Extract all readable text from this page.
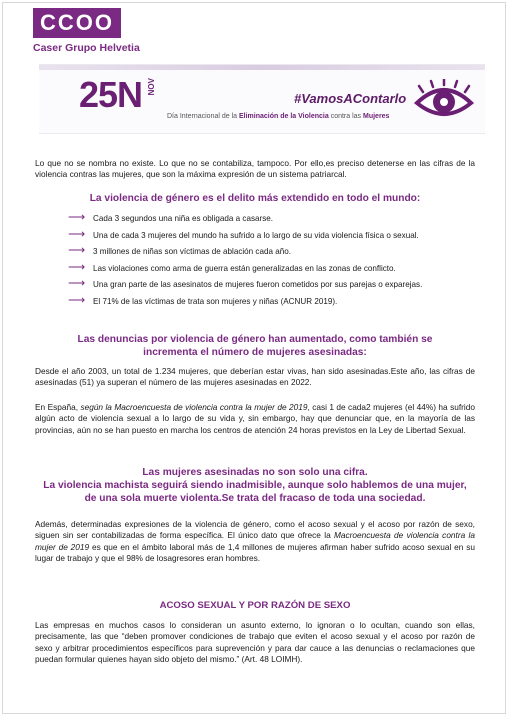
CCOO
Caser Grupo Helvetia
25N NOV
#VamosAContarlo
Día Internacional de la Eliminación de la Violencia contra las Mujeres

Lo que no se nombra no existe. Lo que no se contabiliza, tampoco. Por ello,es preciso detenerse en las cifras de la violencia contras las mujeres, que son la máxima expresión de un sistema patriarcal.

La violencia de género es el delito más extendido en todo el mundo:

⟶ Cada 3 segundos una niña es obligada a casarse.
⟶ Una de cada 3 mujeres del mundo ha sufrido a lo largo de su vida violencia física o sexual.
⟶ 3 millones de niñas son víctimas de ablación cada año.
⟶ Las violaciones como arma de guerra están generalizadas en las zonas de conflicto.
⟶ Una gran parte de las asesinatos de mujeres fueron cometidos por sus parejas o exparejas.
⟶ El 71% de las víctimas de trata son mujeres y niñas (ACNUR 2019).

Las denuncias por violencia de género han aumentado, como también se
incrementa el número de mujeres asesinadas:

Desde el año 2003, un total de 1.234 mujeres, que deberían estar vivas, han sido asesinadas.Este año, las cifras de asesinadas (51) ya superan el número de las mujeres asesinadas en 2022.

En España, según la Macroencuesta de violencia contra la mujer de 2019, casi 1 de cada2 mujeres (el 44%) ha sufrido algún acto de violencia sexual a lo largo de su vida y, sin embargo, hay que denunciar que, en la mayoría de las provincias, aún no se han puesto en marcha los centros de atención 24 horas previstos en la Ley de Libertad Sexual.

Las mujeres asesinadas no son solo una cifra.
La violencia machista seguirá siendo inadmisible, aunque solo hablemos de una mujer,
de una sola muerte violenta.Se trata del fracaso de toda una sociedad.

Además, determinadas expresiones de la violencia de género, como el acoso sexual y el acoso por razón de sexo, siguen sin ser contabilizadas de forma específica. El único dato que ofrece la Macroencuesta de violencia contra la mujer de 2019 es que en el ámbito laboral más de 1,4 millones de mujeres afirman haber sufrido acoso sexual en su lugar de trabajo y que el 98% de losagresores eran hombres.

ACOSO SEXUAL Y POR RAZÓN DE SEXO

Las empresas en muchos casos lo consideran un asunto externo, lo ignoran o lo ocultan, cuando son ellas, precisamente, las que “deben promover condiciones de trabajo que eviten el acoso sexual y el acoso por razón de sexo y arbitrar procedimientos específicos para suprevención y para dar cauce a las denuncias o reclamaciones que puedan formular quienes hayan sido objeto del mismo.” (Art. 48 LOIMH).
